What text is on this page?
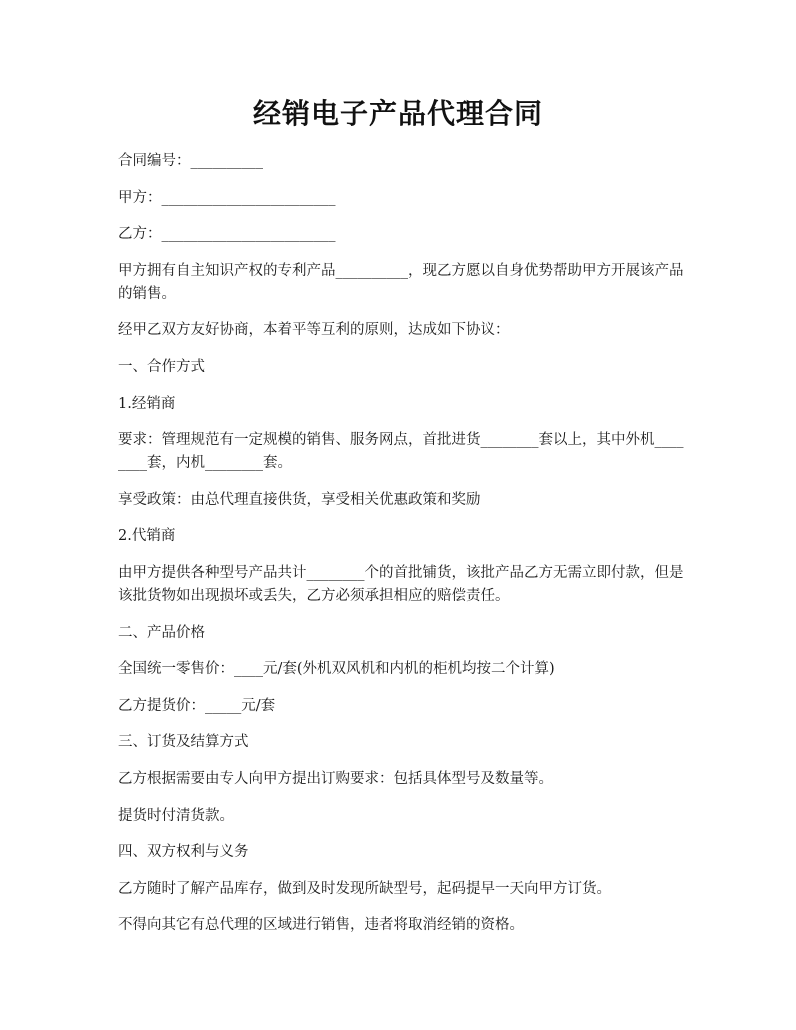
经销电子产品代理合同

合同编号：__________

甲方：________________________

乙方：________________________

甲方拥有自主知识产权的专利产品__________，现乙方愿以自身优势帮助甲方开展该产品的销售。

经甲乙双方友好协商，本着平等互利的原则，达成如下协议：

一、合作方式

1.经销商

要求：管理规范有一定规模的销售、服务网点，首批进货________套以上，其中外机________套，内机________套。

享受政策：由总代理直接供货，享受相关优惠政策和奖励

2.代销商

由甲方提供各种型号产品共计________个的首批铺货，该批产品乙方无需立即付款，但是该批货物如出现损坏或丢失，乙方必须承担相应的赔偿责任。

二、产品价格

全国统一零售价：____元/套(外机双风机和内机的柜机均按二个计算)

乙方提货价：_____元/套

三、订货及结算方式

乙方根据需要由专人向甲方提出订购要求：包括具体型号及数量等。

提货时付清货款。

四、双方权利与义务

乙方随时了解产品库存，做到及时发现所缺型号，起码提早一天向甲方订货。

不得向其它有总代理的区域进行销售，违者将取消经销的资格。
